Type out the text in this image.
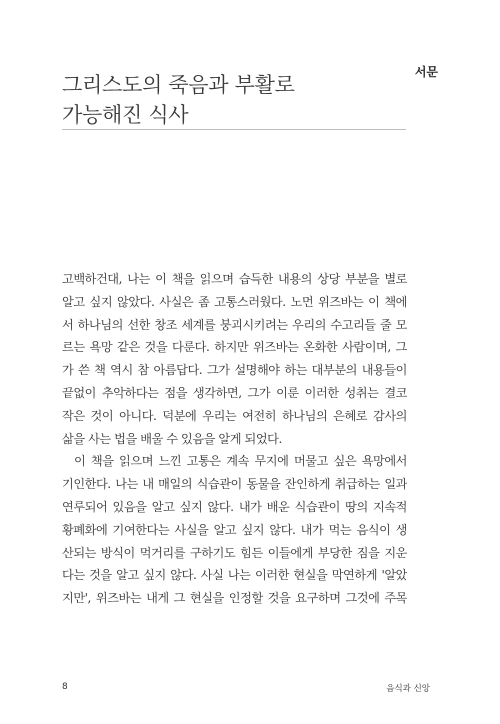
그리스도의 죽음과 부활로
가능해진 식사
서문

고백하건대, 나는 이 책을 읽으며 습득한 내용의 상당 부분을 별로
알고 싶지 않았다. 사실은 좀 고통스러웠다. 노먼 위즈바는 이 책에
서 하나님의 선한 창조 세계를 붕괴시키려는 우리의 수고리들 줄 모
르는 욕망 같은 것을 다룬다. 하지만 위즈바는 온화한 사람이며, 그
가 쓴 책 역시 참 아름답다. 그가 설명해야 하는 대부분의 내용들이
끝없이 추악하다는 점을 생각하면, 그가 이룬 이러한 성취는 결코
작은 것이 아니다. 덕분에 우리는 여전히 하나님의 은혜로 감사의
삶을 사는 법을 배울 수 있음을 알게 되었다.

이 책을 읽으며 느낀 고통은 계속 무지에 머물고 싶은 욕망에서
기인한다. 나는 내 매일의 식습관이 동물을 잔인하게 취급하는 일과
연루되어 있음을 알고 싶지 않다. 내가 배운 식습관이 땅의 지속적
황폐화에 기여한다는 사실을 알고 싶지 않다. 내가 먹는 음식이 생
산되는 방식이 먹거리를 구하기도 힘든 이들에게 부당한 짐을 지운
다는 것을 알고 싶지 않다. 사실 나는 이러한 현실을 막연하게 '알았
지만', 위즈바는 내게 그 현실을 인정할 것을 요구하며 그것에 주목

8	음식과 신앙
